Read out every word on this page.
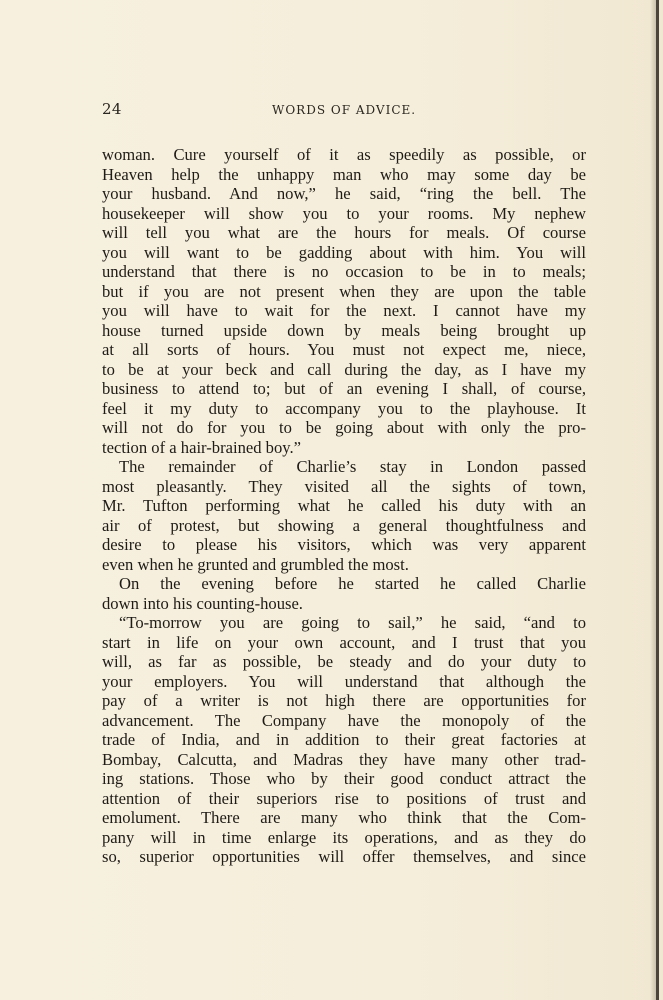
24	WORDS OF ADVICE.
woman. Cure yourself of it as speedily as possible, or
Heaven help the unhappy man who may some day be
your husband. And now,” he said, “ring the bell. The
housekeeper will show you to your rooms. My nephew
will tell you what are the hours for meals. Of course
you will want to be gadding about with him. You will
understand that there is no occasion to be in to meals;
but if you are not present when they are upon the table
you will have to wait for the next. I cannot have my
house turned upside down by meals being brought up
at all sorts of hours. You must not expect me, niece,
to be at your beck and call during the day, as I have my
business to attend to; but of an evening I shall, of course,
feel it my duty to accompany you to the playhouse. It
will not do for you to be going about with only the pro-
tection of a hair-brained boy.”
The remainder of Charlie’s stay in London passed
most pleasantly. They visited all the sights of town,
Mr. Tufton performing what he called his duty with an
air of protest, but showing a general thoughtfulness and
desire to please his visitors, which was very apparent
even when he grunted and grumbled the most.
On the evening before he started he called Charlie
down into his counting-house.
“To-morrow you are going to sail,” he said, “and to
start in life on your own account, and I trust that you
will, as far as possible, be steady and do your duty to
your employers. You will understand that although the
pay of a writer is not high there are opportunities for
advancement. The Company have the monopoly of the
trade of India, and in addition to their great factories at
Bombay, Calcutta, and Madras they have many other trad-
ing stations. Those who by their good conduct attract the
attention of their superiors rise to positions of trust and
emolument. There are many who think that the Com-
pany will in time enlarge its operations, and as they do
so, superior opportunities will offer themselves, and since
